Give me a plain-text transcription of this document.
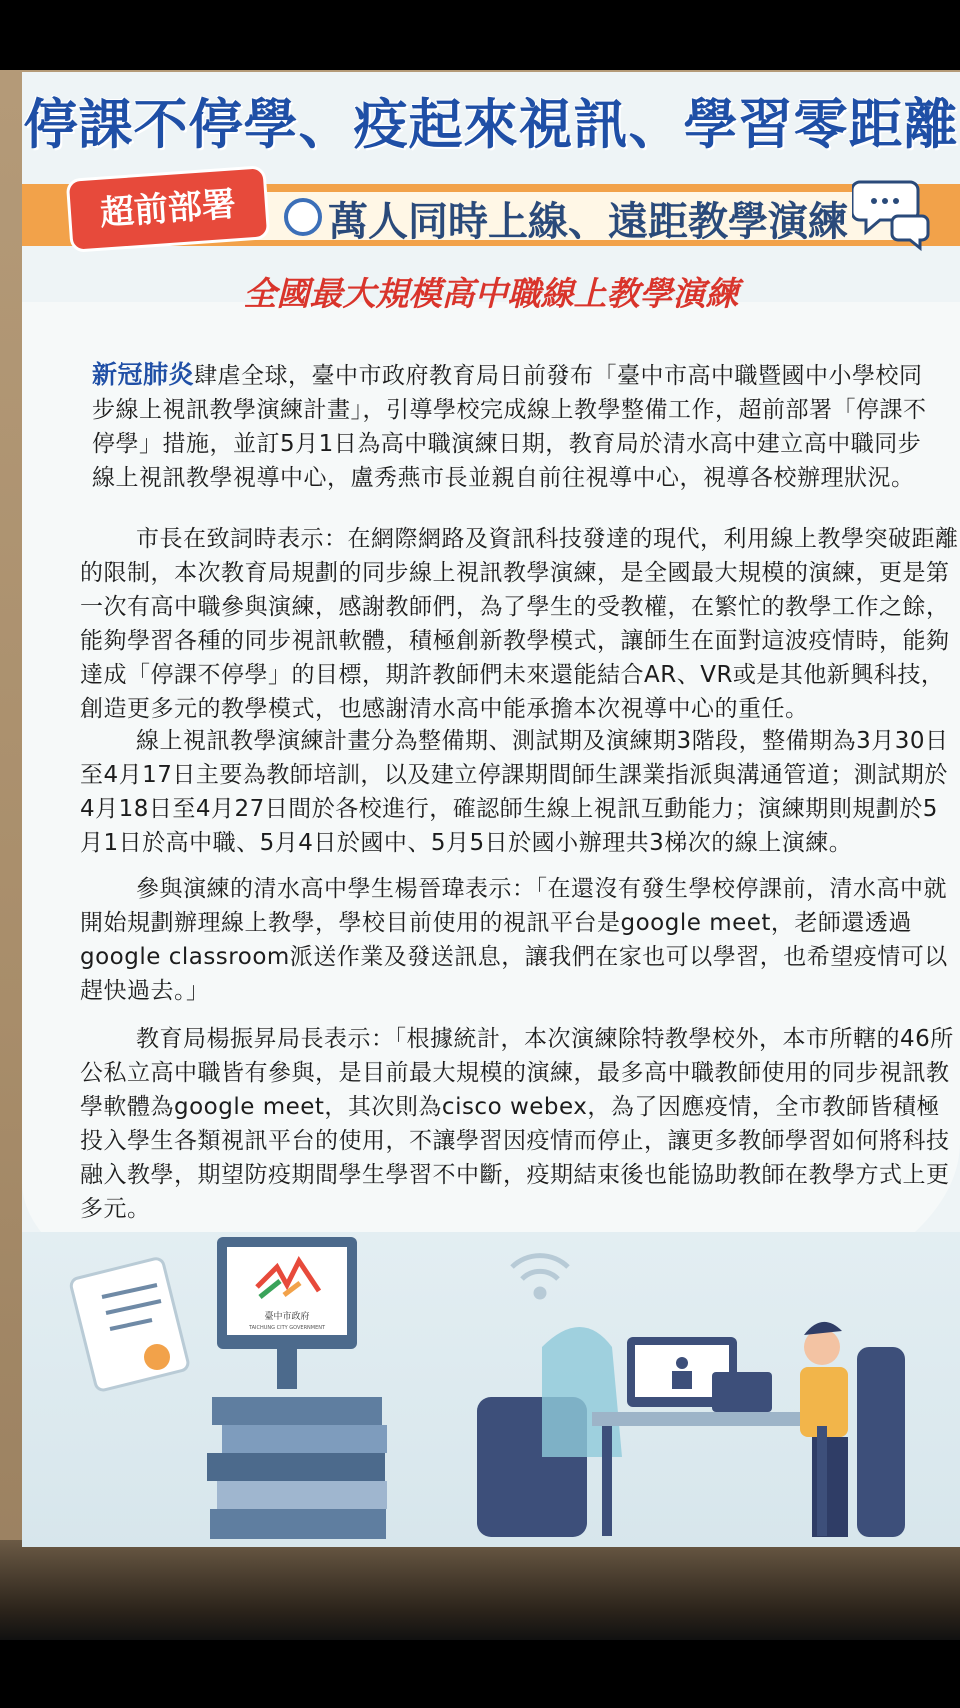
停課不停學、疫起來視訊、學習零距離
超前部署	萬人同時上線、遠距教學演練
全國最大規模高中職線上教學演練
新冠肺炎肆虐全球，臺中市政府教育局日前發布「臺中市高中職暨國中小學校同步線上視訊教學演練計畫」，引導學校完成線上教學整備工作，超前部署「停課不停學」措施，並訂5月1日為高中職演練日期，教育局於清水高中建立高中職同步線上視訊教學視導中心，盧秀燕市長並親自前往視導中心，視導各校辦理狀況。
市長在致詞時表示：在網際網路及資訊科技發達的現代，利用線上教學突破距離的限制，本次教育局規劃的同步線上視訊教學演練，是全國最大規模的演練，更是第一次有高中職參與演練，感謝教師們，為了學生的受教權，在繁忙的教學工作之餘，能夠學習各種的同步視訊軟體，積極創新教學模式，讓師生在面對這波疫情時，能夠達成「停課不停學」的目標，期許教師們未來還能結合AR、VR或是其他新興科技，創造更多元的教學模式，也感謝清水高中能承擔本次視導中心的重任。
線上視訊教學演練計畫分為整備期、測試期及演練期3階段，整備期為3月30日至4月17日主要為教師培訓，以及建立停課期間師生課業指派與溝通管道；測試期於4月18日至4月27日間於各校進行，確認師生線上視訊互動能力；演練期則規劃於5月1日於高中職、5月4日於國中、5月5日於國小辦理共3梯次的線上演練。
參與演練的清水高中學生楊晉瑋表示：「在還沒有發生學校停課前，清水高中就開始規劃辦理線上教學，學校目前使用的視訊平台是google meet，老師還透過google classroom派送作業及發送訊息，讓我們在家也可以學習，也希望疫情可以趕快過去。」
教育局楊振昇局長表示：「根據統計，本次演練除特教學校外，本市所轄的46所公私立高中職皆有參與，是目前最大規模的演練，最多高中職教師使用的同步視訊教學軟體為google meet，其次則為cisco webex，為了因應疫情，全市教師皆積極投入學生各類視訊平台的使用，不讓學習因疫情而停止，讓更多教師學習如何將科技融入教學，期望防疫期間學生學習不中斷，疫期結束後也能協助教師在教學方式上更多元。
臺中市政府
TAICHUNG CITY GOVERNMENT
